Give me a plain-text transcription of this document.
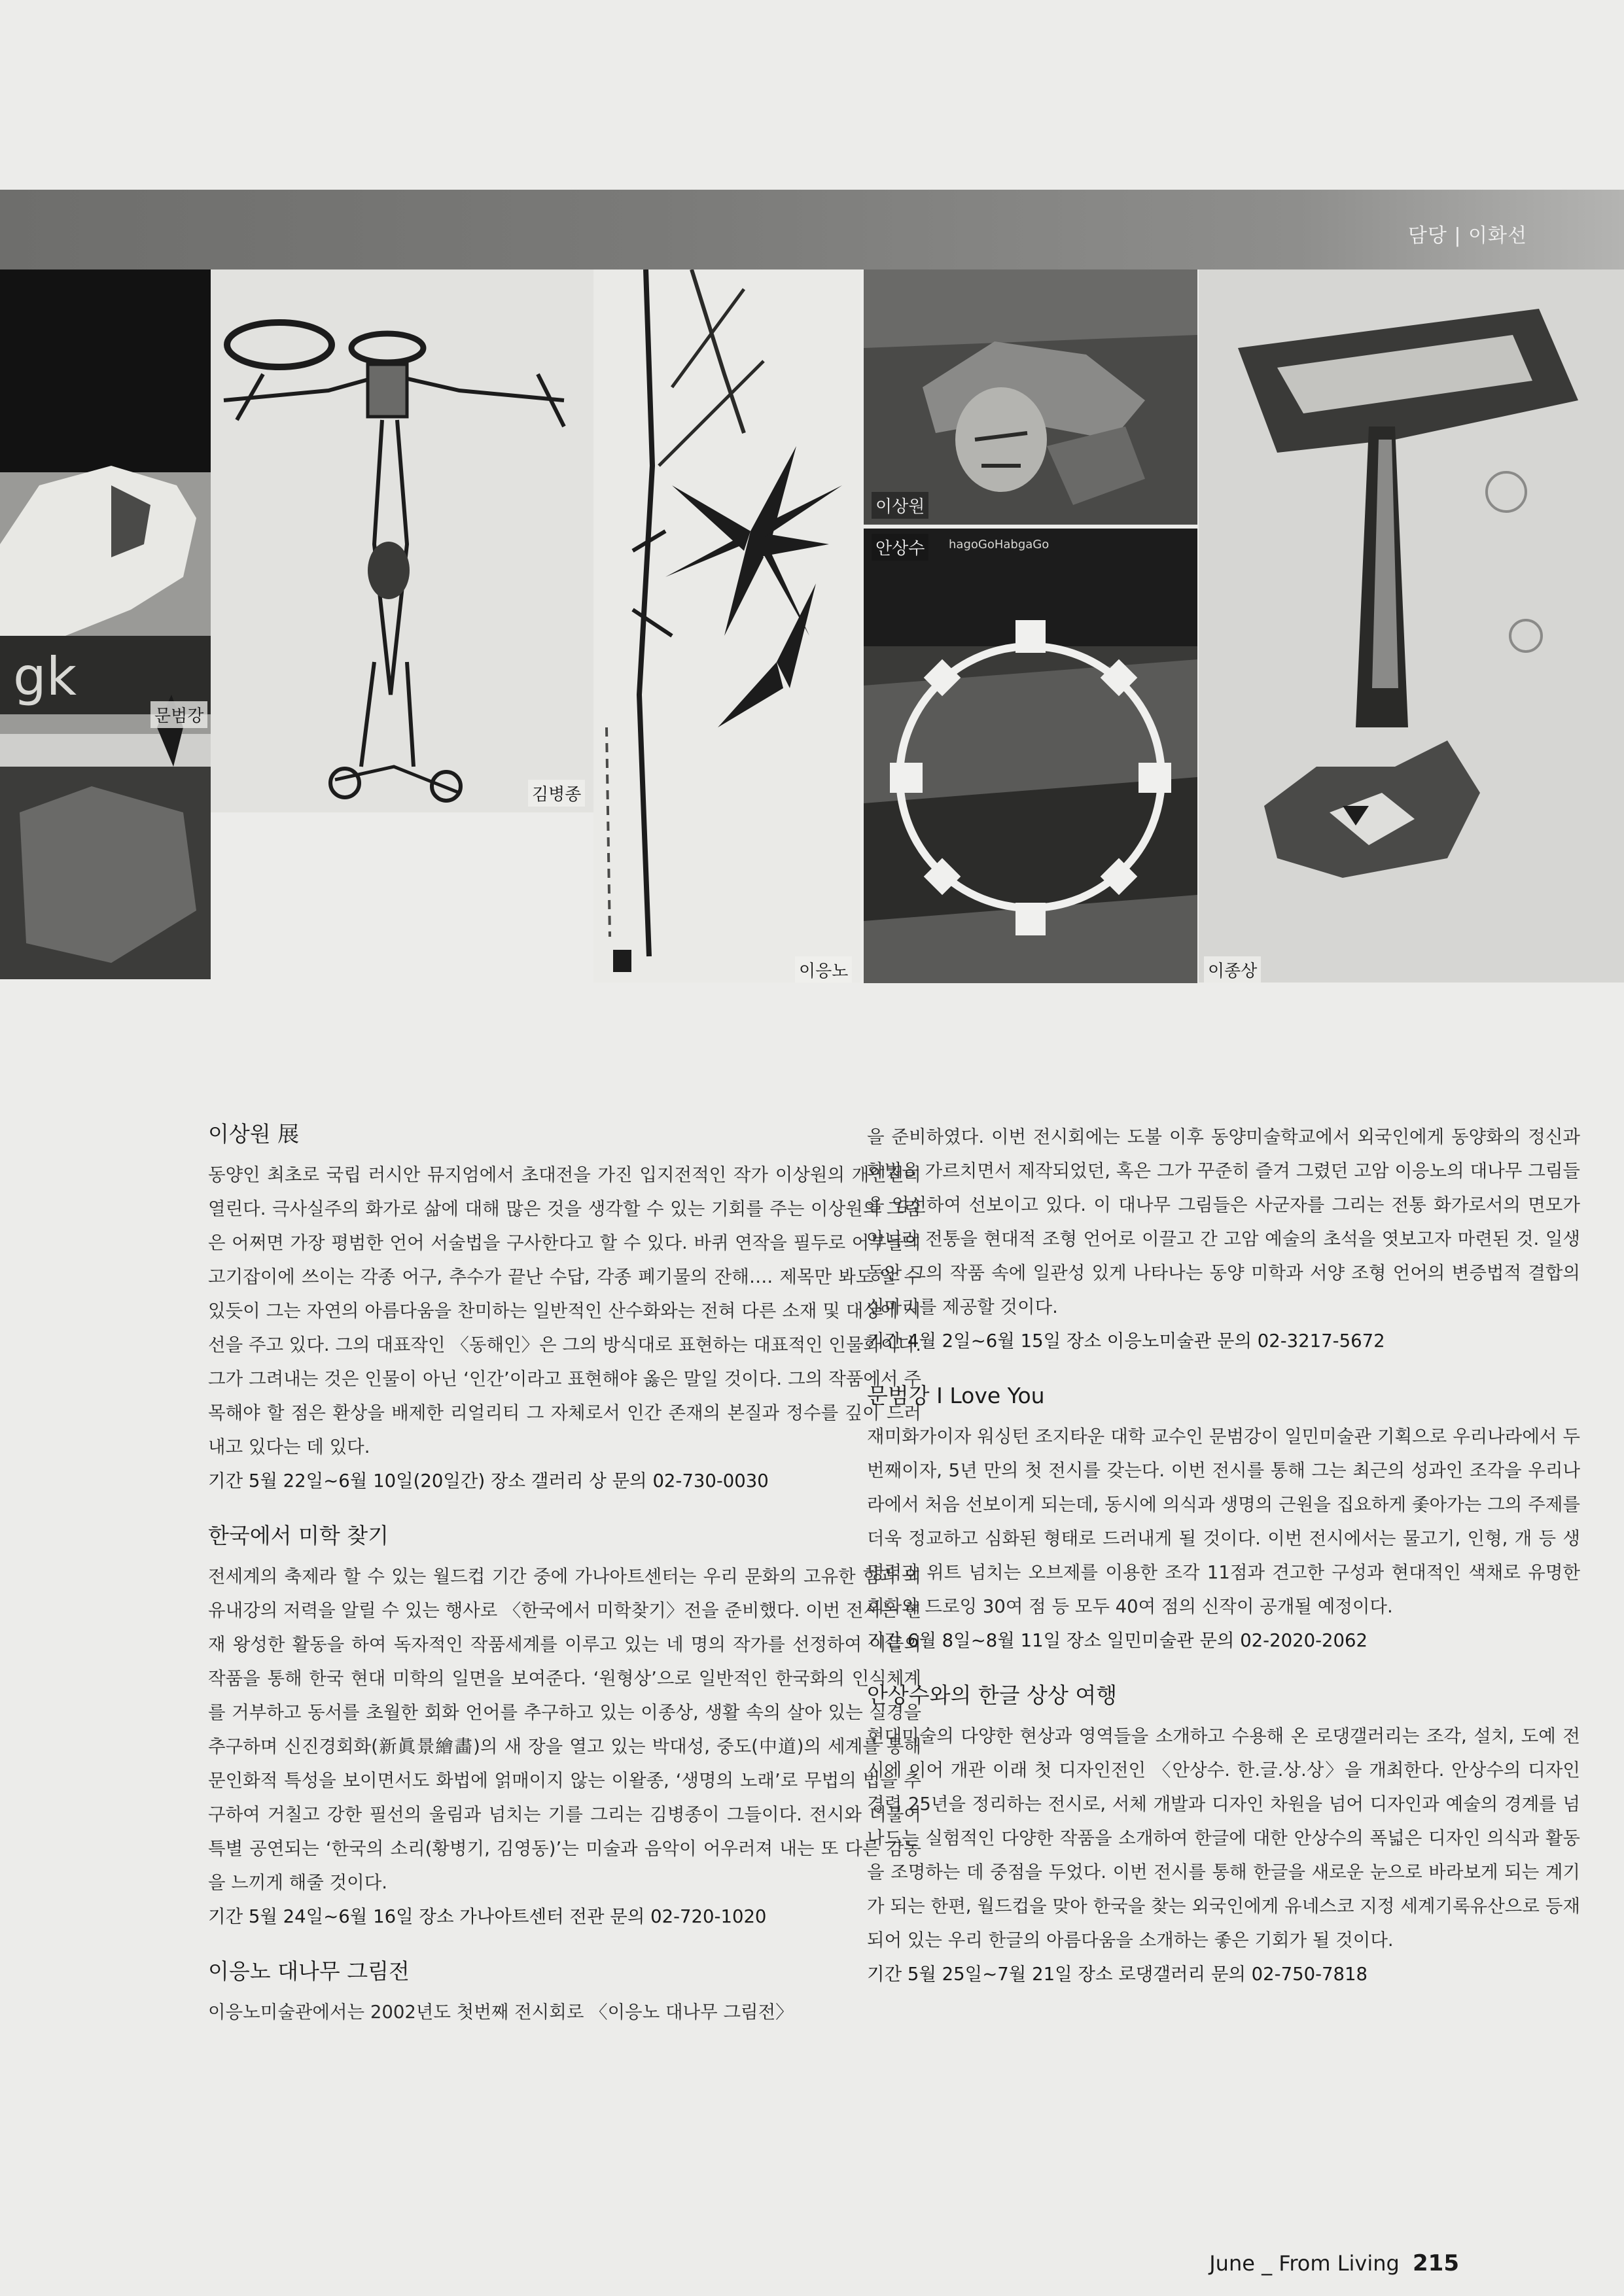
담당 | 이화선
gk
문범강
김병종
이응노
이상원
안상수	hagoGoHabgaGo
이종상
이상원 展

동양인 최초로 국립 러시안 뮤지엄에서 초대전을 가진 입지전적인 작가 이상원의 개인전이 열린다. 극사실주의 화가로 삶에 대해 많은 것을 생각할 수 있는 기회를 주는 이상원의 그림은 어쩌면 가장 평범한 언어 서술법을 구사한다고 할 수 있다. 바퀴 연작을 필두로 어부들의 고기잡이에 쓰이는 각종 어구, 추수가 끝난 수답, 각종 폐기물의 잔해…. 제목만 봐도 알 수 있듯이 그는 자연의 아름다움을 찬미하는 일반적인 산수화와는 전혀 다른 소재 및 대상에 시선을 주고 있다. 그의 대표작인 〈동해인〉은 그의 방식대로 표현하는 대표적인 인물화이다. 그가 그려내는 것은 인물이 아닌 ‘인간’이라고 표현해야 옳은 말일 것이다. 그의 작품에서 주목해야 할 점은 환상을 배제한 리얼리티 그 자체로서 인간 존재의 본질과 정수를 깊이 드러내고 있다는 데 있다.

기간 5월 22일~6월 10일(20일간) 장소 갤러리 상 문의 02-730-0030
한국에서 미학 찾기

전세계의 축제라 할 수 있는 월드컵 기간 중에 가나아트센터는 우리 문화의 고유한 힘과 외유내강의 저력을 알릴 수 있는 행사로 〈한국에서 미학찾기〉전을 준비했다. 이번 전시는 현재 왕성한 활동을 하여 독자적인 작품세계를 이루고 있는 네 명의 작가를 선정하여 이들의 작품을 통해 한국 현대 미학의 일면을 보여준다. ‘원형상’으로 일반적인 한국화의 인식체계를 거부하고 동서를 초월한 회화 언어를 추구하고 있는 이종상, 생활 속의 살아 있는 실경을 추구하며 신진경회화(新眞景繪畵)의 새 장을 열고 있는 박대성, 중도(中道)의 세계를 통해 문인화적 특성을 보이면서도 화법에 얽매이지 않는 이왈종, ‘생명의 노래’로 무법의 법을 추구하여 거칠고 강한 필선의 울림과 넘치는 기를 그리는 김병종이 그들이다. 전시와 더불어 특별 공연되는 ‘한국의 소리(황병기, 김영동)’는 미술과 음악이 어우러져 내는 또 다른 감동을 느끼게 해줄 것이다.

기간 5월 24일~6월 16일 장소 가나아트센터 전관 문의 02-720-1020
이응노 대나무 그림전

이응노미술관에서는 2002년도 첫번째 전시회로 〈이응노 대나무 그림전〉

을 준비하였다. 이번 전시회에는 도불 이후 동양미술학교에서 외국인에게 동양화의 정신과 화법을 가르치면서 제작되었던, 혹은 그가 꾸준히 즐겨 그렸던 고암 이응노의 대나무 그림들을 엄선하여 선보이고 있다. 이 대나무 그림들은 사군자를 그리는 전통 화가로서의 면모가 아니라 전통을 현대적 조형 언어로 이끌고 간 고암 예술의 초석을 엿보고자 마련된 것. 일생 동안 그의 작품 속에 일관성 있게 나타나는 동양 미학과 서양 조형 언어의 변증법적 결합의 실마리를 제공할 것이다.

기간 4월 2일~6월 15일 장소 이응노미술관 문의 02-3217-5672
문범강 I Love You

재미화가이자 워싱턴 조지타운 대학 교수인 문범강이 일민미술관 기획으로 우리나라에서 두 번째이자, 5년 만의 첫 전시를 갖는다. 이번 전시를 통해 그는 최근의 성과인 조각을 우리나라에서 처음 선보이게 되는데, 동시에 의식과 생명의 근원을 집요하게 좇아가는 그의 주제를 더욱 정교하고 심화된 형태로 드러내게 될 것이다. 이번 전시에서는 물고기, 인형, 개 등 생명력과 위트 넘치는 오브제를 이용한 조각 11점과 견고한 구성과 현대적인 색채로 유명한 회화와 드로잉 30여 점 등 모두 40여 점의 신작이 공개될 예정이다.

기간 6월 8일~8월 11일 장소 일민미술관 문의 02-2020-2062
안상수와의 한글 상상 여행

현대미술의 다양한 현상과 영역들을 소개하고 수용해 온 로댕갤러리는 조각, 설치, 도예 전시에 이어 개관 이래 첫 디자인전인 〈안상수. 한.글.상.상〉을 개최한다. 안상수의 디자인 경력 25년을 정리하는 전시로, 서체 개발과 디자인 차원을 넘어 디자인과 예술의 경계를 넘나드는 실험적인 다양한 작품을 소개하여 한글에 대한 안상수의 폭넓은 디자인 의식과 활동을 조명하는 데 중점을 두었다. 이번 전시를 통해 한글을 새로운 눈으로 바라보게 되는 계기가 되는 한편, 월드컵을 맞아 한국을 찾는 외국인에게 유네스코 지정 세계기록유산으로 등재되어 있는 우리 한글의 아름다움을 소개하는 좋은 기회가 될 것이다.

기간 5월 25일~7월 21일 장소 로댕갤러리 문의 02-750-7818
June _ From Living 215
